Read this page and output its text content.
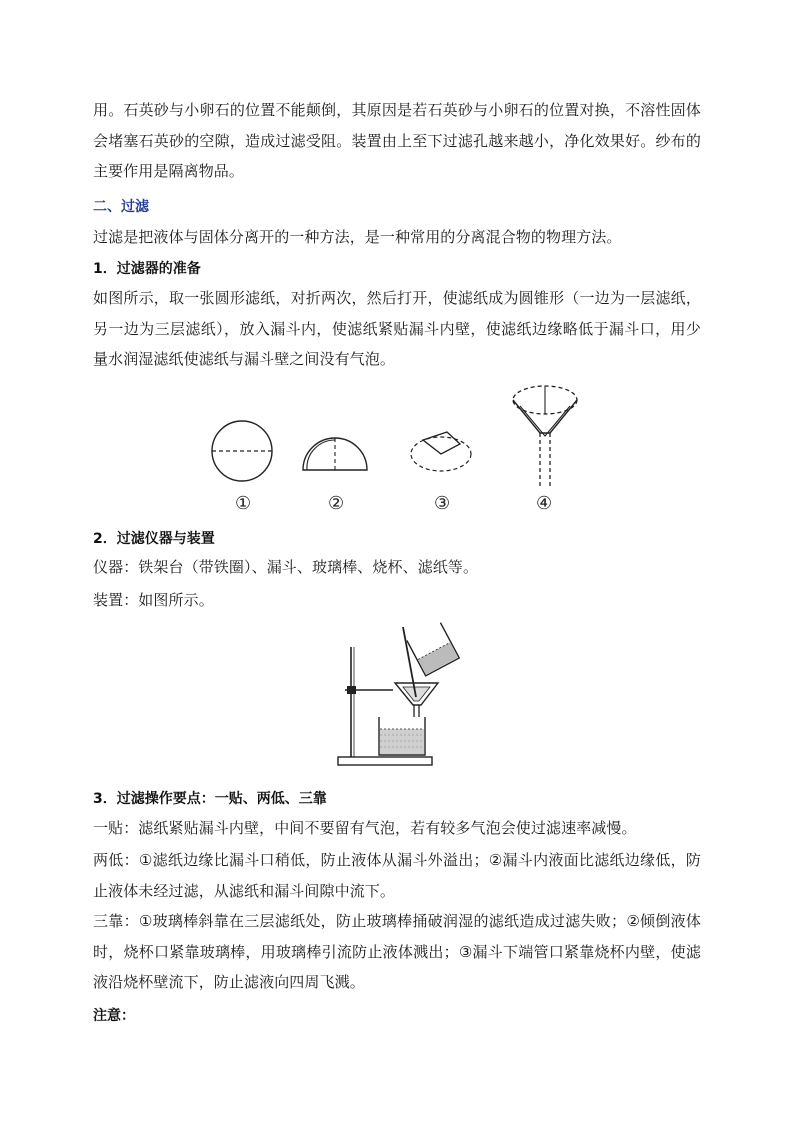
用。石英砂与小卵石的位置不能颠倒，其原因是若石英砂与小卵石的位置对换，不溶性固体会堵塞石英砂的空隙，造成过滤受阻。装置由上至下过滤孔越来越小，净化效果好。纱布的主要作用是隔离物品。

二、过滤

过滤是把液体与固体分离开的一种方法，是一种常用的分离混合物的物理方法。

1．过滤器的准备

如图所示，取一张圆形滤纸，对折两次，然后打开，使滤纸成为圆锥形（一边为一层滤纸，另一边为三层滤纸），放入漏斗内，使滤纸紧贴漏斗内壁，使滤纸边缘略低于漏斗口，用少量水润湿滤纸使滤纸与漏斗壁之间没有气泡。

①	②	③	④

2．过滤仪器与装置

仪器：铁架台（带铁圈）、漏斗、玻璃棒、烧杯、滤纸等。

装置：如图所示。

3．过滤操作要点：一贴、两低、三靠

一贴：滤纸紧贴漏斗内壁，中间不要留有气泡，若有较多气泡会使过滤速率减慢。

两低：①滤纸边缘比漏斗口稍低，防止液体从漏斗外溢出；②漏斗内液面比滤纸边缘低，防止液体未经过滤，从滤纸和漏斗间隙中流下。

三靠：①玻璃棒斜靠在三层滤纸处，防止玻璃棒捅破润湿的滤纸造成过滤失败；②倾倒液体时，烧杯口紧靠玻璃棒，用玻璃棒引流防止液体溅出；③漏斗下端管口紧靠烧杯内壁，使滤液沿烧杯壁流下，防止滤液向四周飞溅。

注意：
